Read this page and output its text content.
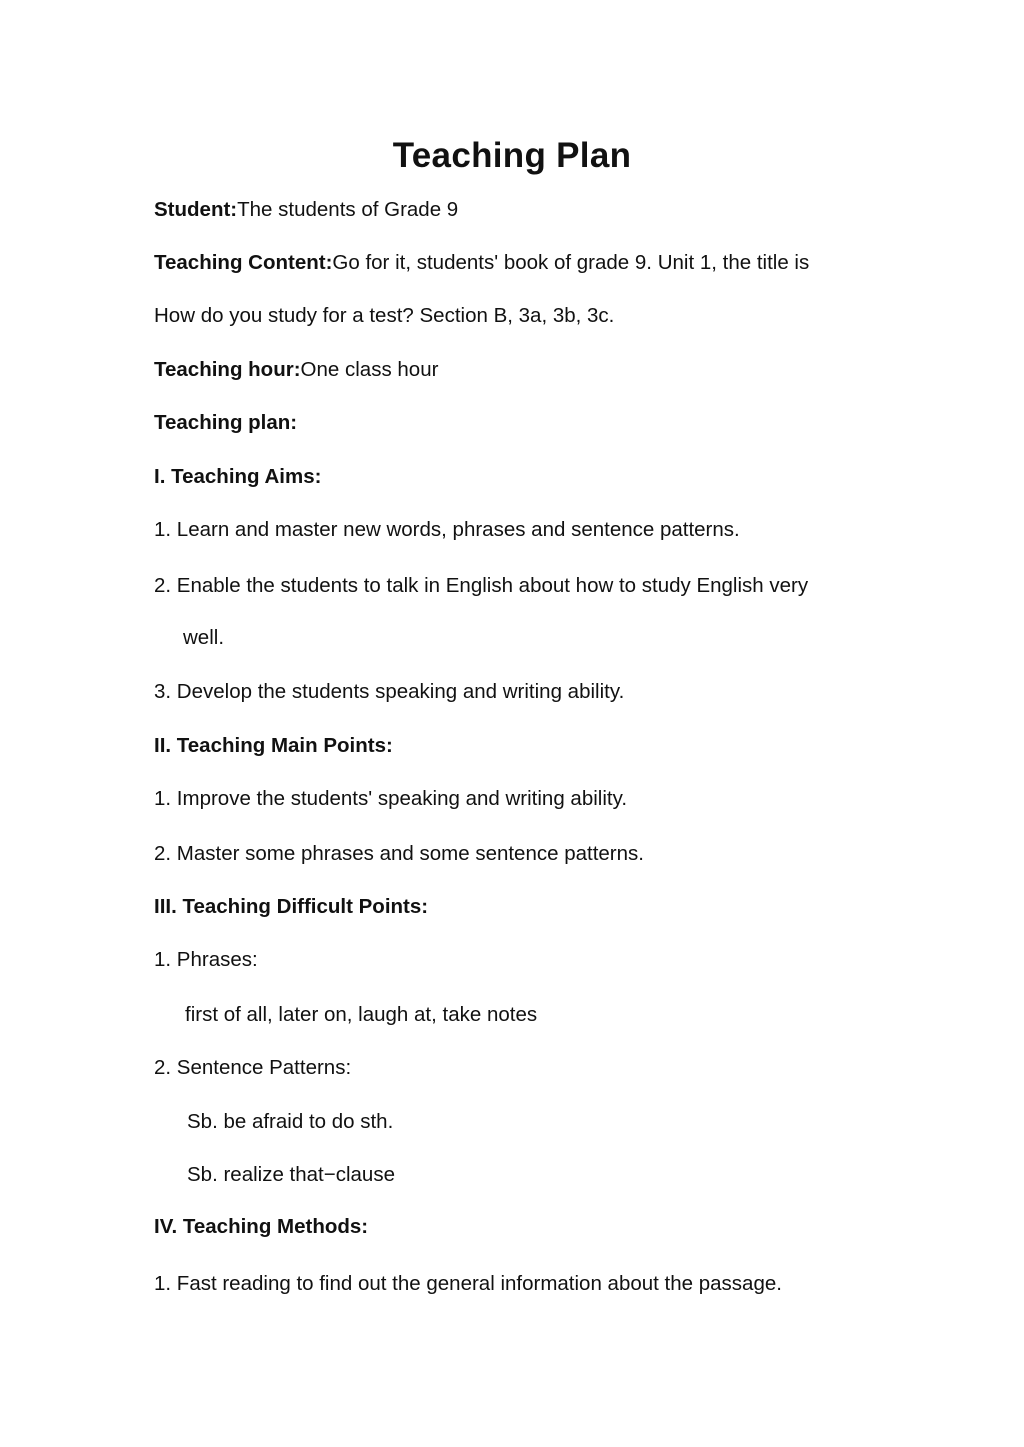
Teaching Plan
Student:The students of Grade 9
Teaching Content:Go for it, students' book of grade 9. Unit 1, the title is
How do you study for a test? Section B, 3a, 3b, 3c.
Teaching hour:One class hour
Teaching plan:
I. Teaching Aims:
1. Learn and master new words, phrases and sentence patterns.
2. Enable the students to talk in English about how to study English very
well.
3. Develop the students speaking and writing ability.
II. Teaching Main Points:
1. Improve the students' speaking and writing ability.
2. Master some phrases and some sentence patterns.
III. Teaching Difficult Points:
1. Phrases:
first of all, later on, laugh at, take notes
2. Sentence Patterns:
Sb. be afraid to do sth.
Sb. realize that−clause
IV. Teaching Methods:
1. Fast reading to find out the general information about the passage.
